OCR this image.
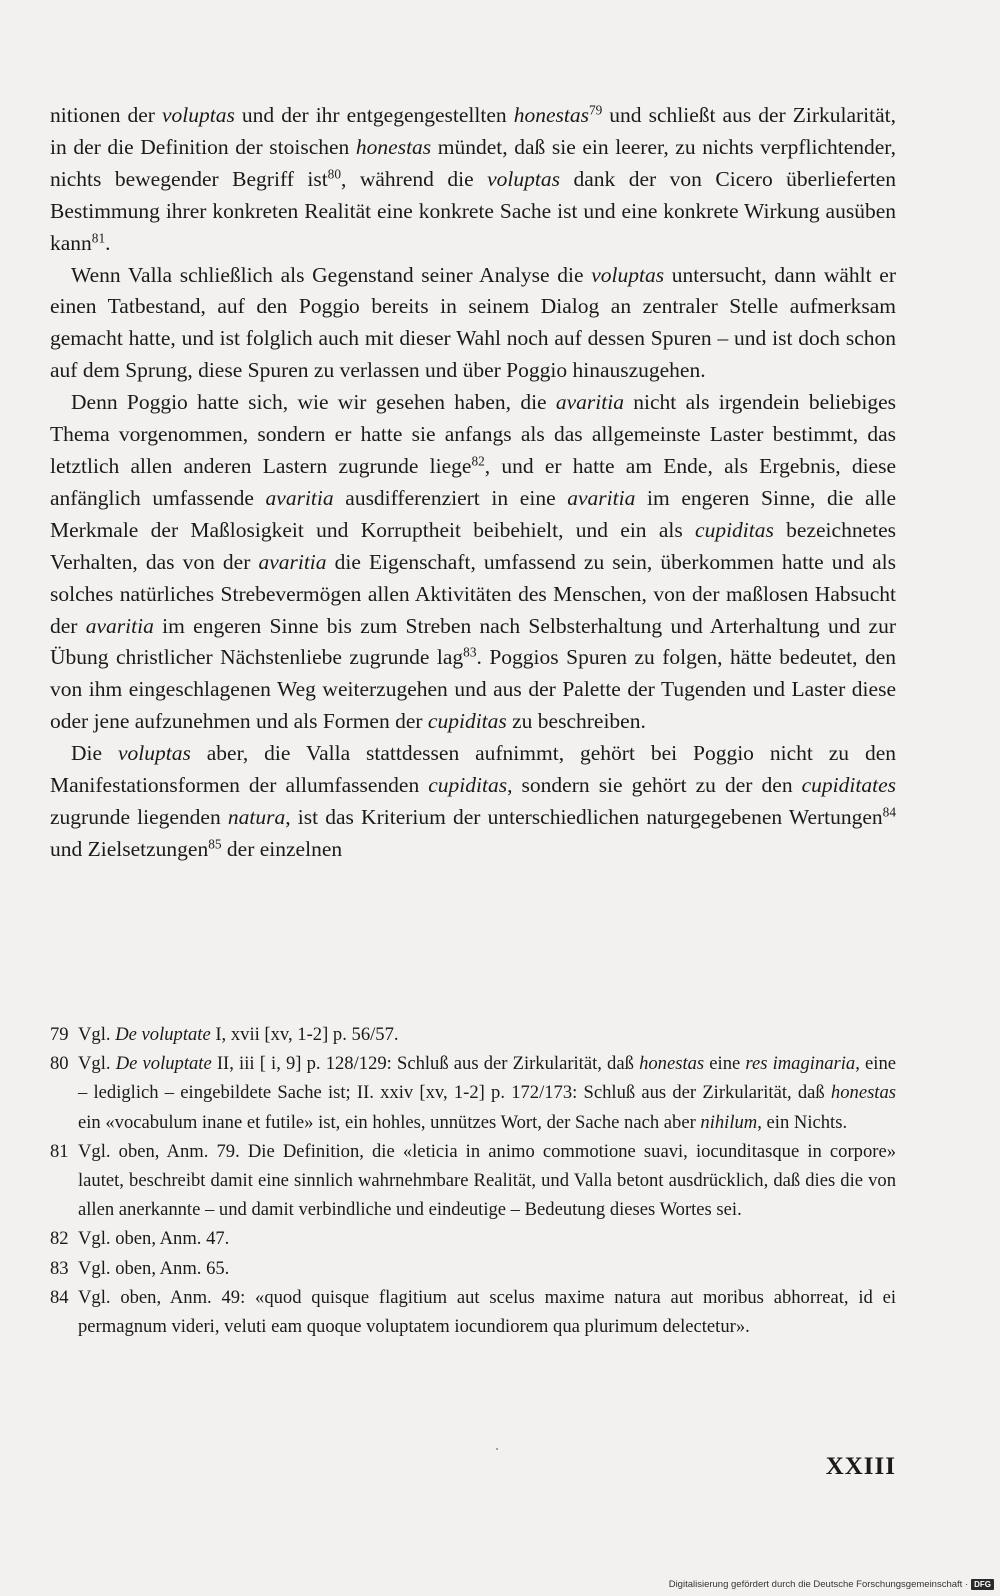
nitionen der voluptas und der ihr entgegengestellten honestas$^{79}$ und schließt aus der Zirkularität, in der die Definition der stoischen honestas mündet, daß sie ein leerer, zu nichts verpflichtender, nichts bewegender Begriff ist$^{80}$, während die voluptas dank der von Cicero überlieferten Bestimmung ihrer konkreten Realität eine konkrete Sache ist und eine konkrete Wirkung ausüben kann$^{81}$.

Wenn Valla schließlich als Gegenstand seiner Analyse die voluptas untersucht, dann wählt er einen Tatbestand, auf den Poggio bereits in seinem Dialog an zentraler Stelle aufmerksam gemacht hatte, und ist folglich auch mit dieser Wahl noch auf dessen Spuren – und ist doch schon auf dem Sprung, diese Spuren zu verlassen und über Poggio hinauszugehen.

Denn Poggio hatte sich, wie wir gesehen haben, die avaritia nicht als irgendein beliebiges Thema vorgenommen, sondern er hatte sie anfangs als das allgemeinste Laster bestimmt, das letztlich allen anderen Lastern zugrunde liege$^{82}$, und er hatte am Ende, als Ergebnis, diese anfänglich umfassende avaritia ausdifferenziert in eine avaritia im engeren Sinne, die alle Merkmale der Maßlosigkeit und Korruptheit beibehielt, und ein als cupiditas bezeichnetes Verhalten, das von der avaritia die Eigenschaft, umfassend zu sein, überkommen hatte und als solches natürliches Strebevermögen allen Aktivitäten des Menschen, von der maßlosen Habsucht der avaritia im engeren Sinne bis zum Streben nach Selbsterhaltung und Arterhaltung und zur Übung christlicher Nächstenliebe zugrunde lag$^{83}$. Poggios Spuren zu folgen, hätte bedeutet, den von ihm eingeschlagenen Weg weiterzugehen und aus der Palette der Tugenden und Laster diese oder jene aufzunehmen und als Formen der cupiditas zu beschreiben.

Die voluptas aber, die Valla stattdessen aufnimmt, gehört bei Poggio nicht zu den Manifestationsformen der allumfassenden cupiditas, sondern sie gehört zu der den cupiditates zugrunde liegenden natura, ist das Kriterium der unterschiedlichen naturgegebenen Wertungen$^{84}$ und Zielsetzungen$^{85}$ der einzelnen

79 Vgl. De voluptate I, xvii [xv, 1-2] p. 56/57.
80 Vgl. De voluptate II, iii [ i, 9] p. 128/129: Schluß aus der Zirkularität, daß honestas eine res imaginaria, eine – lediglich – eingebildete Sache ist; II. xxiv [xv, 1-2] p. 172/173: Schluß aus der Zirkularität, daß honestas ein «vocabulum inane et futile» ist, ein hohles, unnützes Wort, der Sache nach aber nihilum, ein Nichts.
81 Vgl. oben, Anm. 79. Die Definition, die «leticia in animo commotione suavi, iocunditasque in corpore» lautet, beschreibt damit eine sinnlich wahrnehmbare Realität, und Valla betont ausdrücklich, daß dies die von allen anerkannte – und damit verbindliche und eindeutige – Bedeutung dieses Wortes sei.
82 Vgl. oben, Anm. 47.
83 Vgl. oben, Anm. 65.
84 Vgl. oben, Anm. 49: «quod quisque flagitium aut scelus maxime natura aut moribus abhorreat, id ei permagnum videri, veluti eam quoque voluptatem iocundiorem qua plurimum delectetur».
XXIII
Digitalisierung gefördert durch die Deutsche Forschungsgemeinschaft · DFG
